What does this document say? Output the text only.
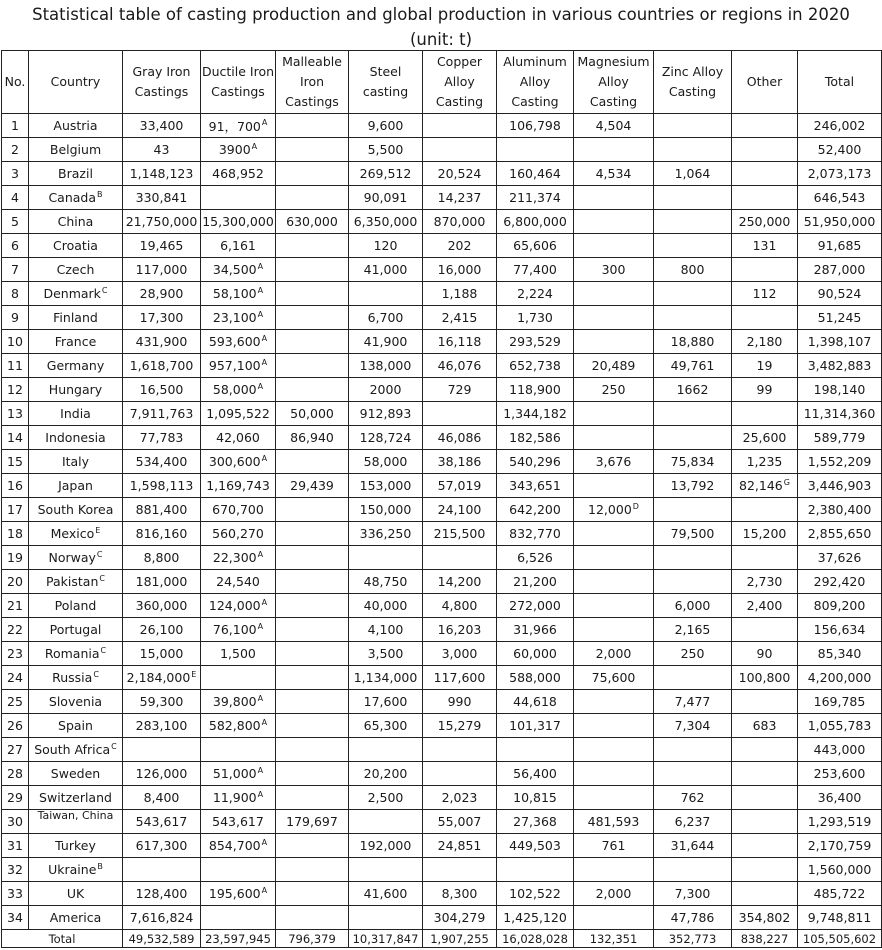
Statistical table of casting production and global production in various countries or regions in 2020
(unit: t)
No.	Country	Gray Iron Castings	Ductile Iron Castings	Malleable Iron Castings	Steel casting	Copper Alloy Casting	Aluminum Alloy Casting	Magnesium Alloy Casting	Zinc Alloy Casting	Other	Total

1	Austria	33,400	91，$700^A$		9,600		106,798	4,504			246,002
2	Belgium	43	$3900^A$		5,500						52,400
3	Brazil	1,148,123	468,952		269,512	20,524	160,464	4,534	1,064		2,073,173
4	Canada$^B$	330,841			90,091	14,237	211,374				646,543
5	China	21,750,000	15,300,000	630,000	6,350,000	870,000	6,800,000			250,000	51,950,000
6	Croatia	19,465	6,161		120	202	65,606			131	91,685
7	Czech	117,000	$34,500^A$		41,000	16,000	77,400	300	800		287,000
8	Denmark$^C$	28,900	$58,100^A$			1,188	2,224			112	90,524
9	Finland	17,300	$23,100^A$		6,700	2,415	1,730				51,245
10	France	431,900	$593,600^A$		41,900	16,118	293,529		18,880	2,180	1,398,107
11	Germany	1,618,700	$957,100^A$		138,000	46,076	652,738	20,489	49,761	19	3,482,883
12	Hungary	16,500	$58,000^A$		2000	729	118,900	250	1662	99	198,140
13	India	7,911,763	1,095,522	50,000	912,893		1,344,182				11,314,360
14	Indonesia	77,783	42,060	86,940	128,724	46,086	182,586			25,600	589,779
15	Italy	534,400	$300,600^A$		58,000	38,186	540,296	3,676	75,834	1,235	1,552,209
16	Japan	1,598,113	1,169,743	29,439	153,000	57,019	343,651		13,792	$82,146^G$	3,446,903
17	South Korea	881,400	670,700		150,000	24,100	642,200	$12,000^D$			2,380,400
18	Mexico$^E$	816,160	560,270		336,250	215,500	832,770		79,500	15,200	2,855,650
19	Norway$^C$	8,800	$22,300^A$				6,526				37,626
20	Pakistan$^C$	181,000	24,540		48,750	14,200	21,200			2,730	292,420
21	Poland	360,000	$124,000^A$		40,000	4,800	272,000		6,000	2,400	809,200
22	Portugal	26,100	$76,100^A$		4,100	16,203	31,966		2,165		156,634
23	Romania$^C$	15,000	1,500		3,500	3,000	60,000	2,000	250	90	85,340
24	Russia$^C$	$2,184,000^E$			1,134,000	117,600	588,000	75,600		100,800	4,200,000
25	Slovenia	59,300	$39,800^A$		17,600	990	44,618		7,477		169,785
26	Spain	283,100	$582,800^A$		65,300	15,279	101,317		7,304	683	1,055,783
27	South Africa$^C$										443,000
28	Sweden	126,000	$51,000^A$		20,200		56,400				253,600
29	Switzerland	8,400	$11,900^A$		2,500	2,023	10,815		762		36,400
30	Taiwan, China	543,617	543,617	179,697		55,007	27,368	481,593	6,237		1,293,519
31	Turkey	617,300	$854,700^A$		192,000	24,851	449,503	761	31,644		2,170,759
32	Ukraine$^B$										1,560,000
33	UK	128,400	$195,600^A$		41,600	8,300	102,522	2,000	7,300		485,722
34	America	7,616,824				304,279	1,425,120		47,786	354,802	9,748,811
Total		49,532,589	23,597,945	796,379	10,317,847	1,907,255	16,028,028	132,351	352,773	838,227	105,505,602
